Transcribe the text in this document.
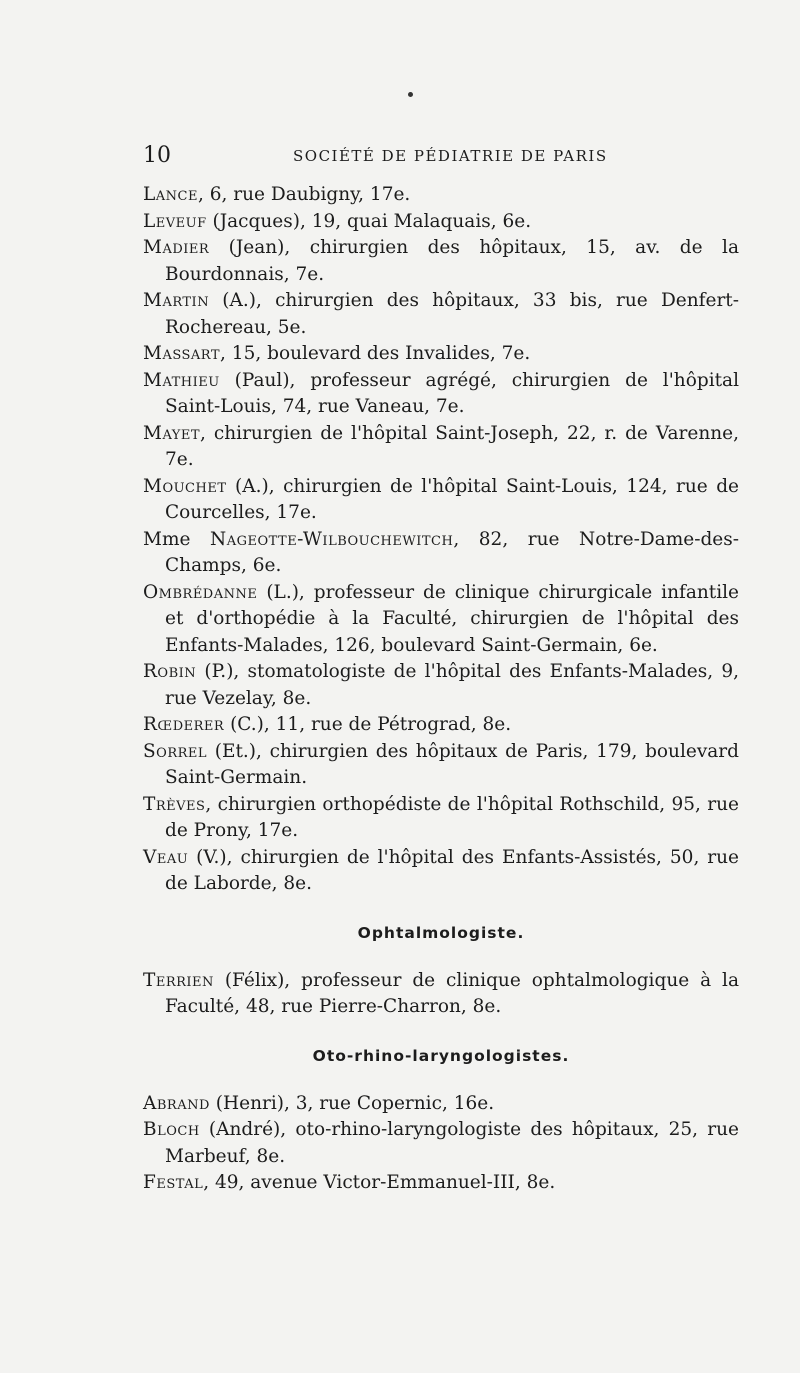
10	SOCIÉTÉ DE PÉDIATRIE DE PARIS

Lance, 6, rue Daubigny, 17e.

Leveuf (Jacques), 19, quai Malaquais, 6e.

Madier (Jean), chirurgien des hôpitaux, 15, av. de la Bourdonnais, 7e.

Martin (A.), chirurgien des hôpitaux, 33 bis, rue Denfert-Rochereau, 5e.

Massart, 15, boulevard des Invalides, 7e.

Mathieu (Paul), professeur agrégé, chirurgien de l'hôpital Saint-Louis, 74, rue Vaneau, 7e.

Mayet, chirurgien de l'hôpital Saint-Joseph, 22, r. de Varenne, 7e.

Mouchet (A.), chirurgien de l'hôpital Saint-Louis, 124, rue de Courcelles, 17e.

Mme Nageotte-Wilbouchewitch, 82, rue Notre-Dame-des-Champs, 6e.

Ombrédanne (L.), professeur de clinique chirurgicale infantile et d'orthopédie à la Faculté, chirurgien de l'hôpital des Enfants-Malades, 126, boulevard Saint-Germain, 6e.

Robin (P.), stomatologiste de l'hôpital des Enfants-Malades, 9, rue Vezelay, 8e.

Rœderer (C.), 11, rue de Pétrograd, 8e.

Sorrel (Et.), chirurgien des hôpitaux de Paris, 179, boulevard Saint-Germain.

Trèves, chirurgien orthopédiste de l'hôpital Rothschild, 95, rue de Prony, 17e.

Veau (V.), chirurgien de l'hôpital des Enfants-Assistés, 50, rue de Laborde, 8e.

Ophtalmologiste.

Terrien (Félix), professeur de clinique ophtalmologique à la Faculté, 48, rue Pierre-Charron, 8e.

Oto-rhino-laryngologistes.

Abrand (Henri), 3, rue Copernic, 16e.

Bloch (André), oto-rhino-laryngologiste des hôpitaux, 25, rue Marbeuf, 8e.

Festal, 49, avenue Victor-Emmanuel-III, 8e.
